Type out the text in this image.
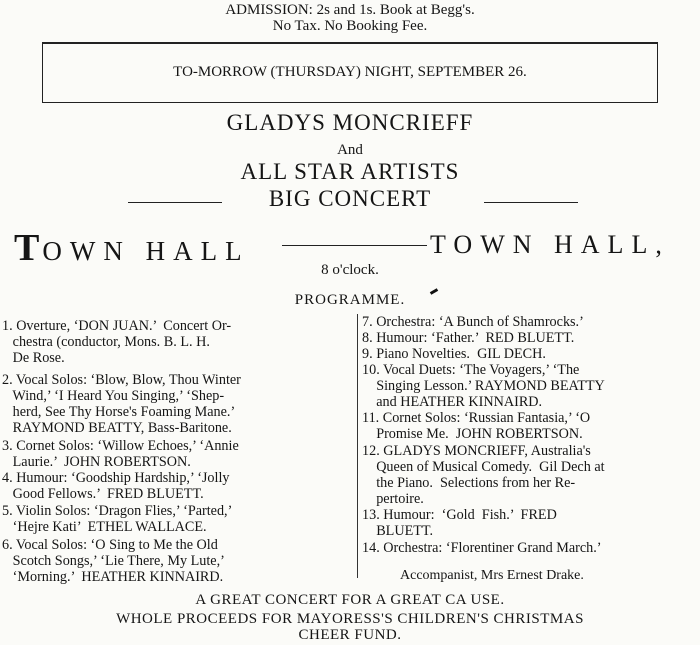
ADMISSION: 2s and 1s. Book at Begg's.
No Tax. No Booking Fee.
TO-MORROW (THURSDAY) NIGHT, SEPTEMBER 26.
GLADYS MONCRIEFF
And
ALL STAR ARTISTS
BIG CONCERT
TOWN HALL	TOWN HALL,
8 o'clock.
PROGRAMME.
1. Overture, ‘DON JUAN.’  Concert Or-
chestra (conductor, Mons. B. L. H.
De Rose.
2. Vocal Solos: ‘Blow, Blow, Thou Winter
Wind,’ ‘I Heard You Singing,’ ‘Shep-
herd, See Thy Horse's Foaming Mane.’
RAYMOND BEATTY, Bass-Baritone.
3. Cornet Solos: ‘Willow Echoes,’ ‘Annie
Laurie.’  JOHN ROBERTSON.
4. Humour: ‘Goodship Hardship,’ ‘Jolly
Good Fellows.’  FRED BLUETT.
5. Violin Solos: ‘Dragon Flies,’ ‘Parted,’
‘Hejre Kati’  ETHEL WALLACE.
6. Vocal Solos: ‘O Sing to Me the Old
Scotch Songs,’ ‘Lie There, My Lute,’
‘Morning.’  HEATHER KINNAIRD.
7. Orchestra: ‘A Bunch of Shamrocks.’
8. Humour: ‘Father.’  RED BLUETT.
9. Piano Novelties.  GIL DECH.
10. Vocal Duets: ‘The Voyagers,’ ‘The
Singing Lesson.’ RAYMOND BEATTY
and HEATHER KINNAIRD.
11. Cornet Solos: ‘Russian Fantasia,’ ‘O
Promise Me.  JOHN ROBERTSON.
12. GLADYS MONCRIEFF, Australia's
Queen of Musical Comedy.  Gil Dech at
the Piano.  Selections from her Re-
pertoire.
13. Humour:  ‘Gold  Fish.’  FRED
BLUETT.
14. Orchestra: ‘Florentiner Grand March.’
Accompanist, Mrs Ernest Drake.
A GREAT CONCERT FOR A GREAT CA USE.
WHOLE PROCEEDS FOR MAYORESS'S CHILDREN'S CHRISTMAS
CHEER FUND.
